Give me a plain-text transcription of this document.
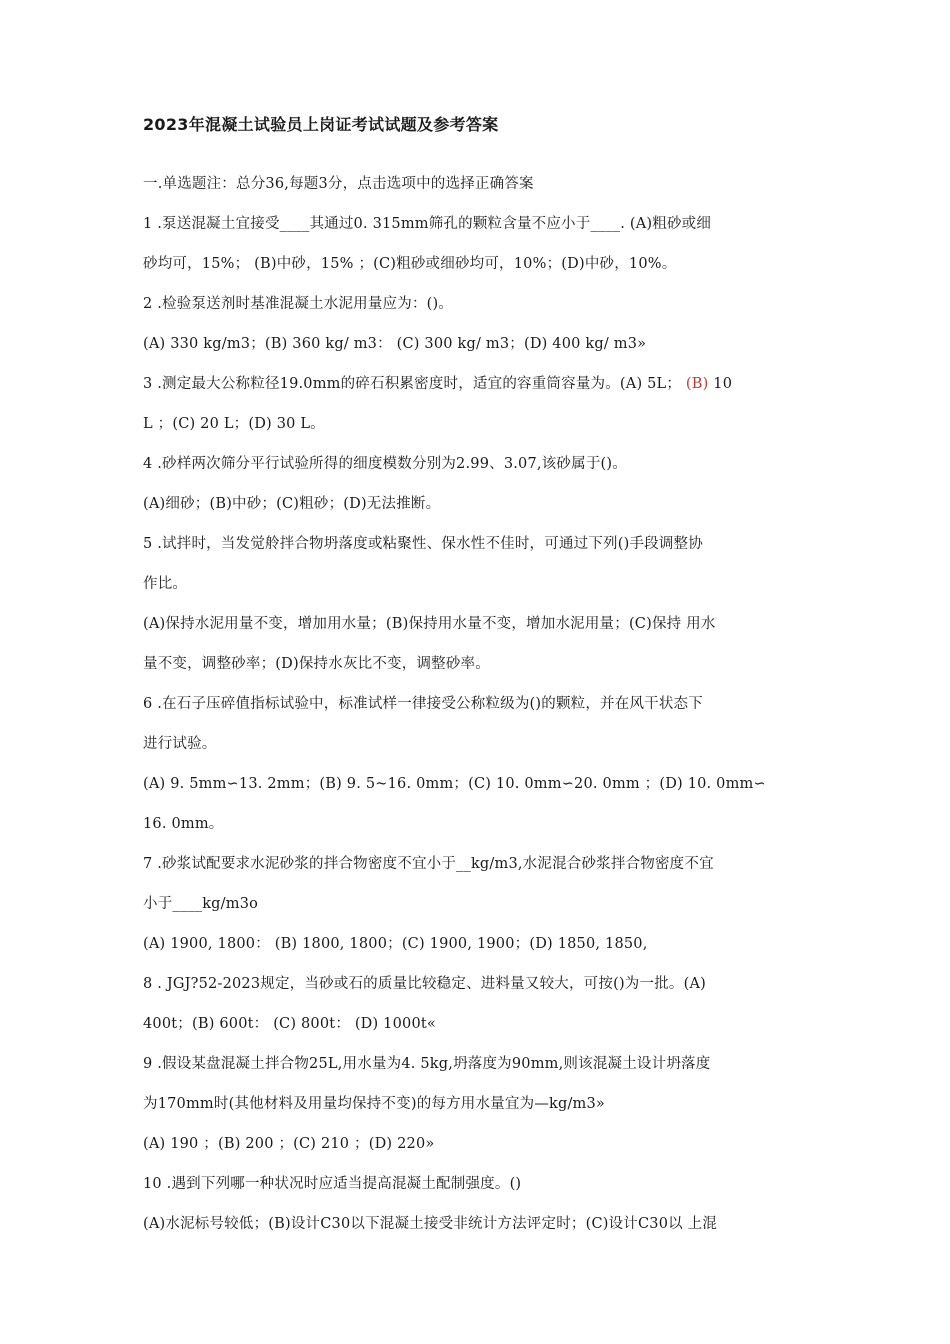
2023年混凝土试验员上岗证考试试题及参考答案
一.单选题注：总分36,每题3分，点击选项中的选择正确答案
1 .泵送混凝土宜接受____其通过0. 315mm筛孔的颗粒含量不应小于____. (A)粗砂或细
砂均可，15%； (B)中砂，15% ；(C)粗砂或细砂均可，10%；(D)中砂，10%。
2 .检验泵送剂时基准混凝土水泥用量应为：()。
(A) 330 kg/m3；(B) 360 kg/ m3： (C) 300 kg/ m3；(D) 400 kg/ m3»
3 .测定最大公称粒径19.0mm的碎石积累密度时，适宜的容重筒容量为。(A) 5L； (B) 10
L ；(C) 20 L；(D) 30 L。
4 .砂样两次筛分平行试验所得的细度模数分别为2.99、3.07,该砂属于()。
(A)细砂；(B)中砂；(C)粗砂；(D)无法推断。
5 .试拌时，当发觉舲拌合物坍落度或粘聚性、保水性不佳时，可通过下列()手段调整协
作比。
(A)保持水泥用量不变，增加用水量；(B)保持用水量不变，增加水泥用量；(C)保持 用水
量不变，调整砂率；(D)保持水灰比不变，调整砂率。
6 .在石子压碎值指标试验中，标准试样一律接受公称粒级为()的颗粒，并在风干状态下
进行试验。
(A) 9. 5mm∽13. 2mm；(B) 9. 5~16. 0mm；(C) 10. 0mm∽20. 0mm ；(D) 10. 0mm∽
16. 0mm。
7 .砂浆试配要求水泥砂浆的拌合物密度不宜小于__kg/m3,水泥混合砂浆拌合物密度不宜
小于____kg/m3o
(A) 1900, 1800： (B) 1800, 1800；(C) 1900, 1900；(D) 1850, 1850,
8 . JGJ?52-2023规定，当砂或石的质量比较稳定、进料量又较大，可按()为一批。(A)
400t；(B) 600t： (C) 800t： (D) 1000t«
9 .假设某盘混凝土拌合物25L,用水量为4. 5kg,坍落度为90mm,则该混凝土设计坍落度
为170mm时(其他材料及用量均保持不变)的每方用水量宜为—kg/m3»
(A) 190 ；(B) 200 ；(C) 210 ；(D) 220»
10 .遇到下列哪一种状况时应适当提高混凝土配制强度。()
(A)水泥标号较低；(B)设计C30以下混凝土接受非统计方法评定时；(C)设计C30以 上混
